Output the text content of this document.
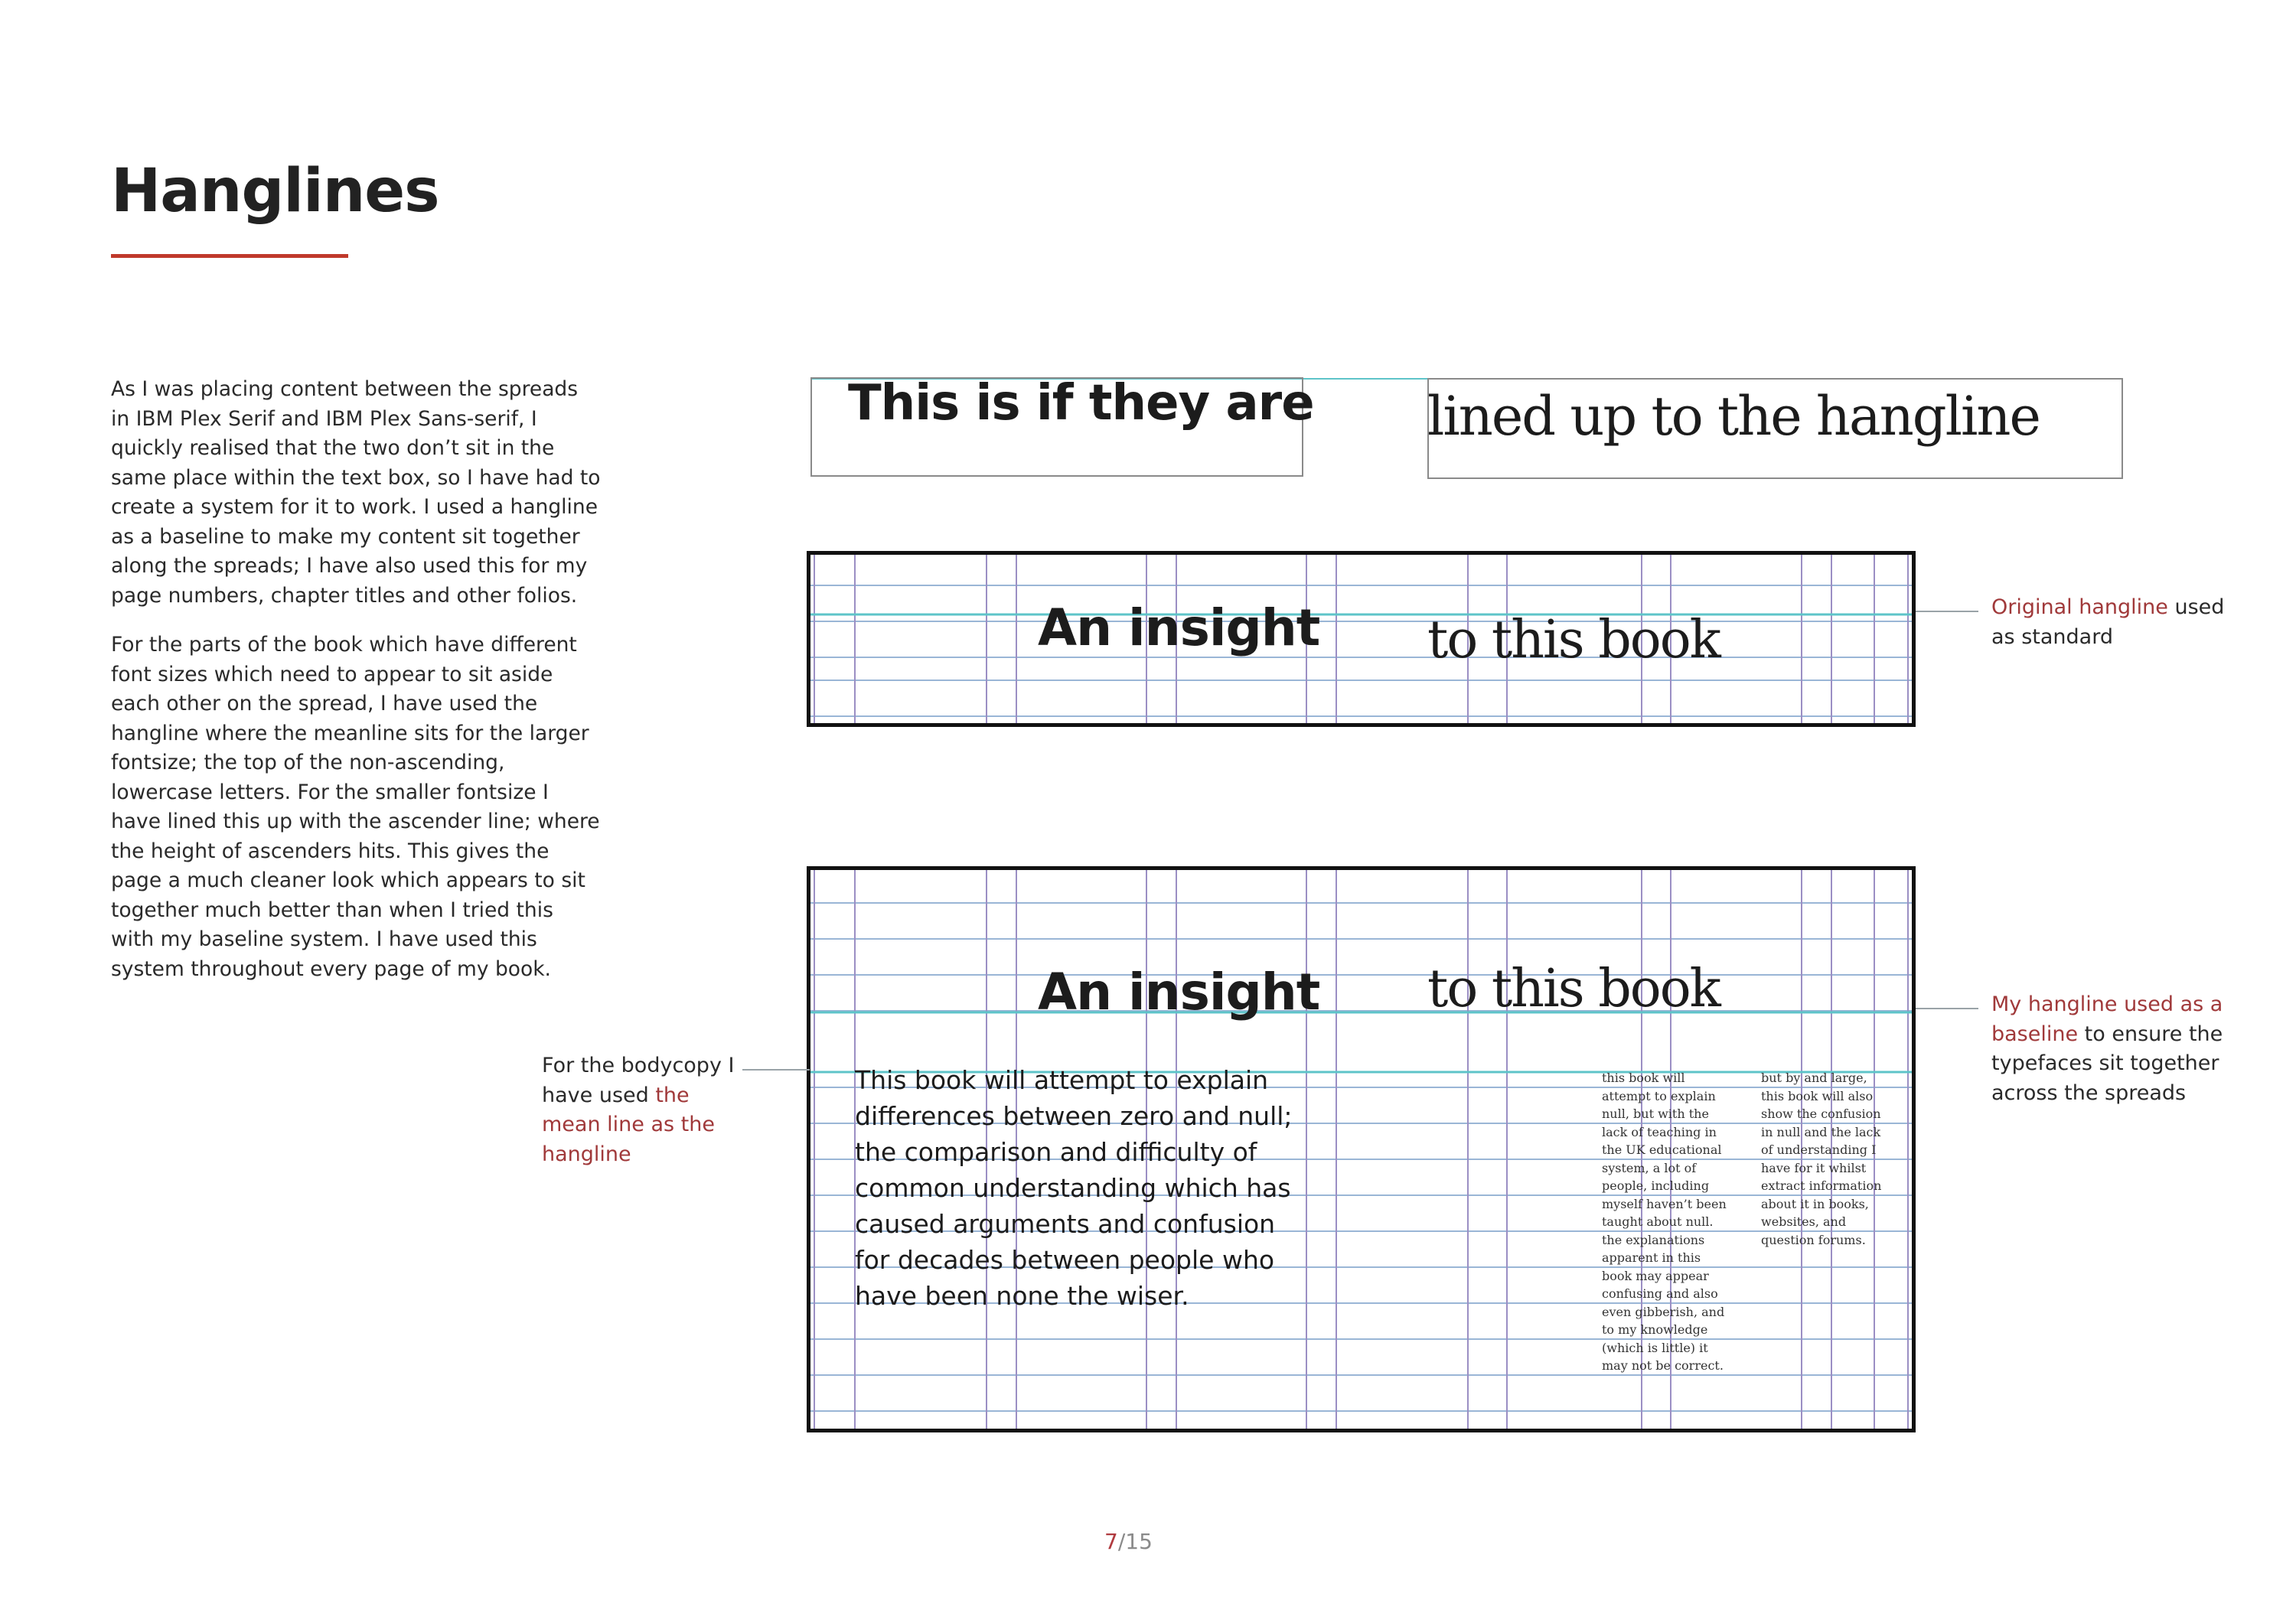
Hanglines

As I was placing content between the spreads in IBM Plex Serif and IBM Plex Sans-serif, I quickly realised that the two don’t sit in the same place within the text box, so I have had to create a system for it to work. I used a hangline as a baseline to make my content sit together along the spreads; I have also used this for my page numbers, chapter titles and other folios.

For the parts of the book which have different font sizes which need to appear to sit aside each other on the spread, I have used the hangline where the meanline sits for the larger fontsize; the top of the non-ascending, lowercase letters. For the smaller fontsize I have lined this up with the ascender line; where the height of ascenders hits. This gives the page a much cleaner look which appears to sit together much better than when I tried this with my baseline system. I have used this system throughout every page of my book.

This is if they are lined up to the hangline
An insight to this book
Original hangline used as standard
An insight to this book
This book will attempt to explain differences between zero and null; the comparison and difficulty of common understanding which has caused arguments and confusion for decades between people who have been none the wiser.
this book will attempt to explain null, but with the lack of teaching in the UK educational system, a lot of people, including myself haven’t been taught about null. the explanations apparent in this book may appear confusing and also even gibberish, and to my knowledge (which is little) it may not be correct.
but by and large, this book will also show the confusion in null and the lack of understanding I have for it whilst extract information about it in books, websites, and question forums.
My hangline used as a baseline to ensure the typefaces sit together across the spreads
For the bodycopy I have used the mean line as the hangline
7/15
